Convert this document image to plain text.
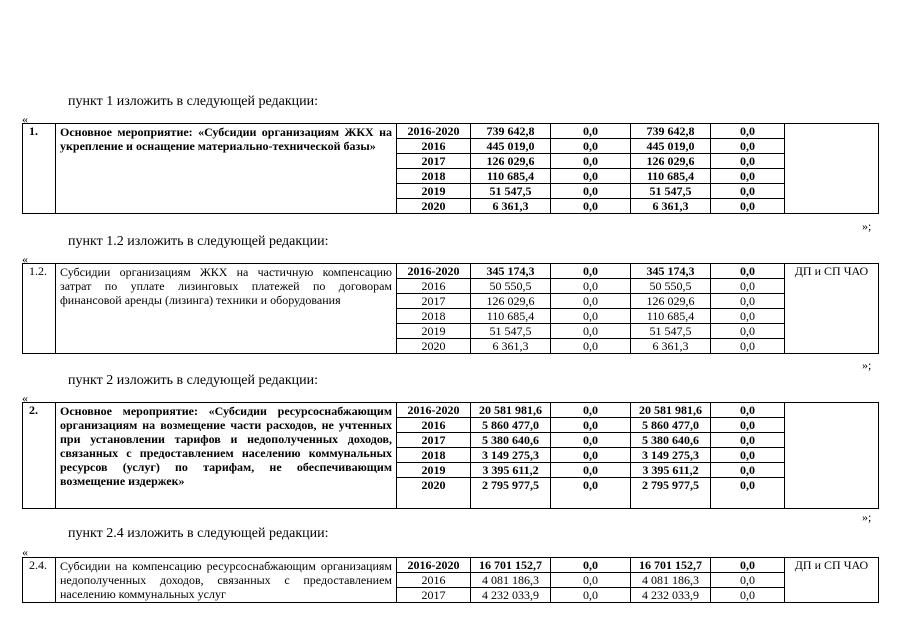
пункт 1 изложить в следующей редакции:
«
1.	Основное мероприятие: «Субсидии организациям ЖКХ на укрепление и оснащение материально-технической базы»	2016-2020	739 642,8	0,0	739 642,8	0,0	
		2016	445 019,0	0,0	445 019,0	0,0	
		2017	126 029,6	0,0	126 029,6	0,0	
		2018	110 685,4	0,0	110 685,4	0,0	
		2019	51 547,5	0,0	51 547,5	0,0	
		2020	6 361,3	0,0	6 361,3	0,0	
»;
пункт 1.2 изложить в следующей редакции:
«
1.2.	Субсидии организациям ЖКХ на частичную компенсацию затрат по уплате лизинговых платежей по договорам финансовой аренды (лизинга) техники и оборудования	2016-2020	345 174,3	0,0	345 174,3	0,0	ДП и СП ЧАО
		2016	50 550,5	0,0	50 550,5	0,0	
		2017	126 029,6	0,0	126 029,6	0,0	
		2018	110 685,4	0,0	110 685,4	0,0	
		2019	51 547,5	0,0	51 547,5	0,0	
		2020	6 361,3	0,0	6 361,3	0,0	
»;
пункт 2 изложить в следующей редакции:
«
2.	Основное мероприятие: «Субсидии ресурсоснабжающим организациям на возмещение части расходов, не учтенных при установлении тарифов и недополученных доходов, связанных с предоставлением населению коммунальных ресурсов (услуг) по тарифам, не обеспечивающим возмещение издержек»	2016-2020	20 581 981,6	0,0	20 581 981,6	0,0	
		2016	5 860 477,0	0,0	5 860 477,0	0,0	
		2017	5 380 640,6	0,0	5 380 640,6	0,0	
		2018	3 149 275,3	0,0	3 149 275,3	0,0	
		2019	3 395 611,2	0,0	3 395 611,2	0,0	
		2020	2 795 977,5	0,0	2 795 977,5	0,0	
»;
пункт 2.4 изложить в следующей редакции:
«
2.4.	Субсидии на компенсацию ресурсоснабжающим организациям недополученных доходов, связанных с предоставлением населению коммунальных услуг	2016-2020	16 701 152,7	0,0	16 701 152,7	0,0	ДП и СП ЧАО
		2016	4 081 186,3	0,0	4 081 186,3	0,0	
		2017	4 232 033,9	0,0	4 232 033,9	0,0	
